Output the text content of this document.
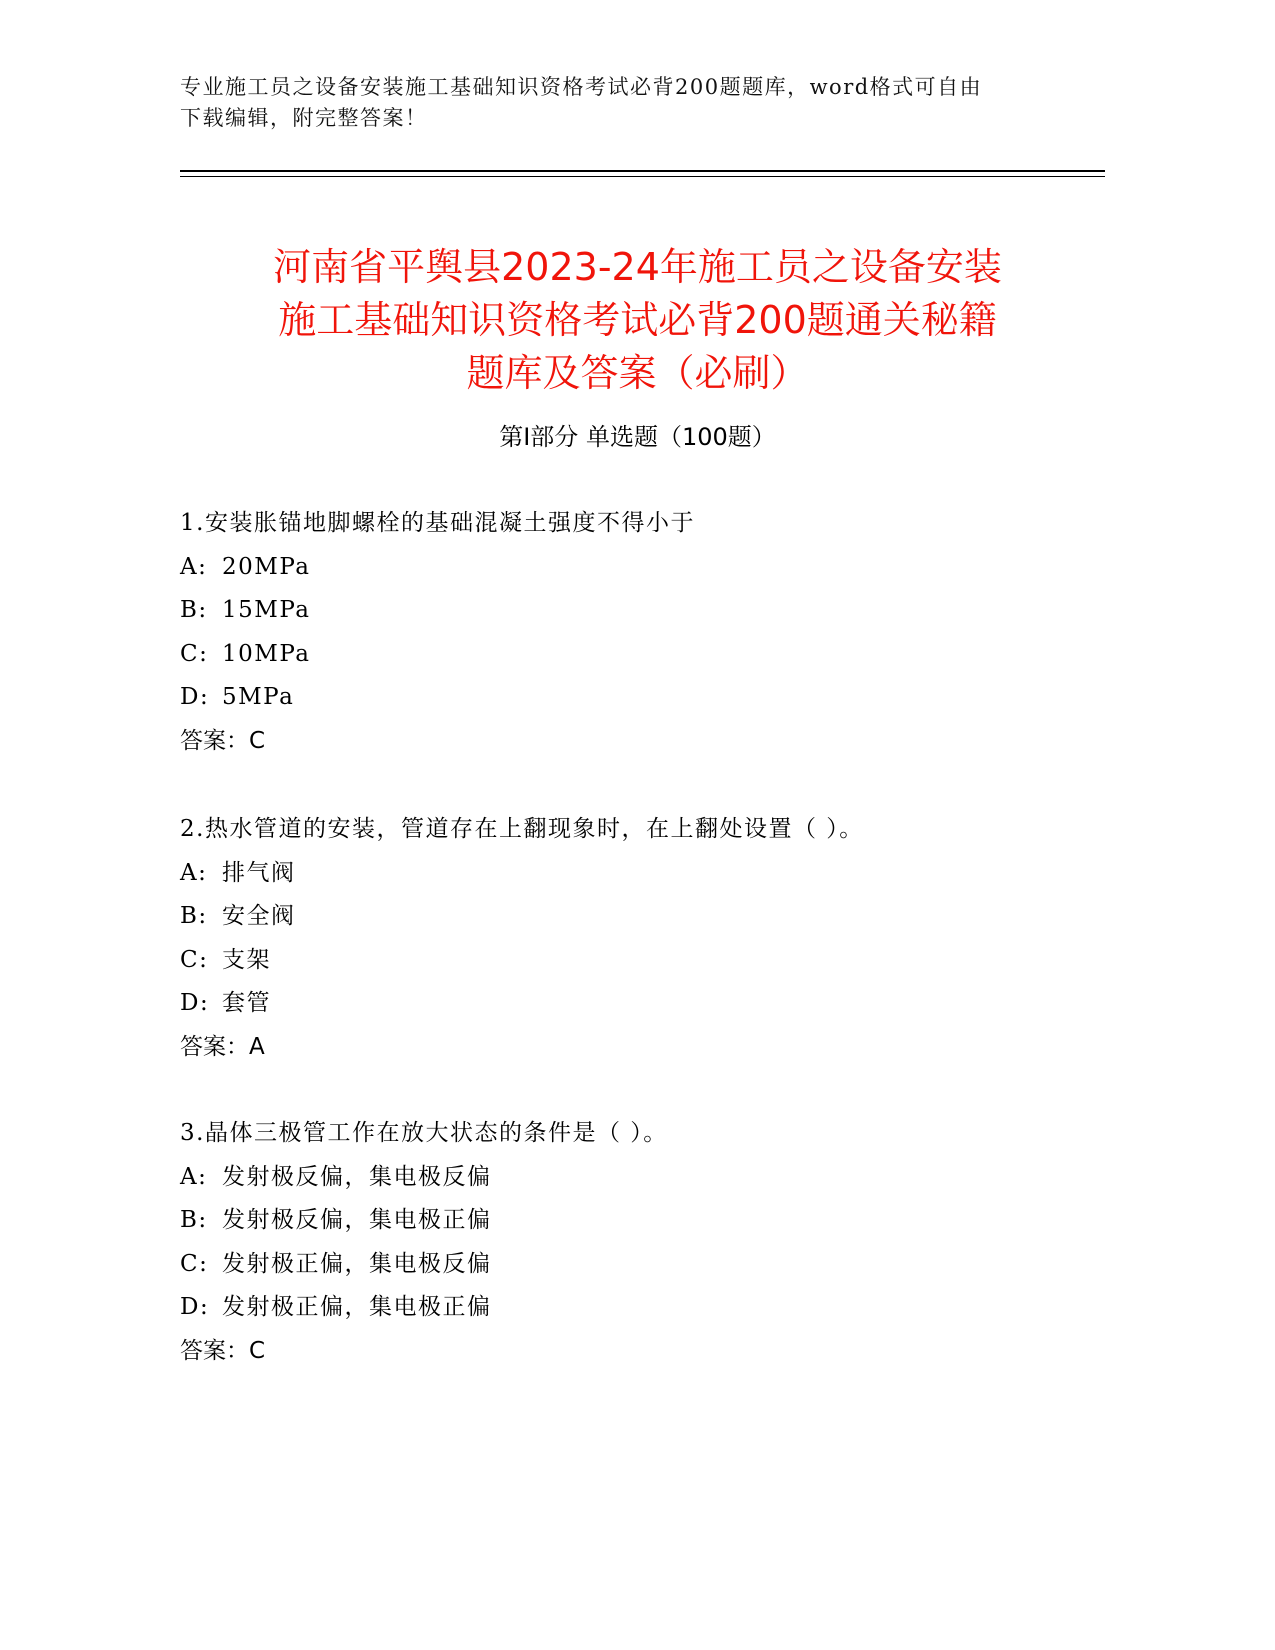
专业施工员之设备安装施工基础知识资格考试必背200题题库，word格式可自由
下载编辑，附完整答案！
河南省平舆县2023-24年施工员之设备安装
施工基础知识资格考试必背200题通关秘籍
题库及答案（必刷）
第Ⅰ部分 单选题（100题）
1.安装胀锚地脚螺栓的基础混凝土强度不得小于
A: 20MPa
B: 15MPa
C: 10MPa
D: 5MPa
答案：C
2.热水管道的安装，管道存在上翻现象时，在上翻处设置（ ）。
A: 排气阀
B: 安全阀
C: 支架
D: 套管
答案：A
3.晶体三极管工作在放大状态的条件是（ ）。
A: 发射极反偏，集电极反偏
B: 发射极反偏，集电极正偏
C: 发射极正偏，集电极反偏
D: 发射极正偏，集电极正偏
答案：C
